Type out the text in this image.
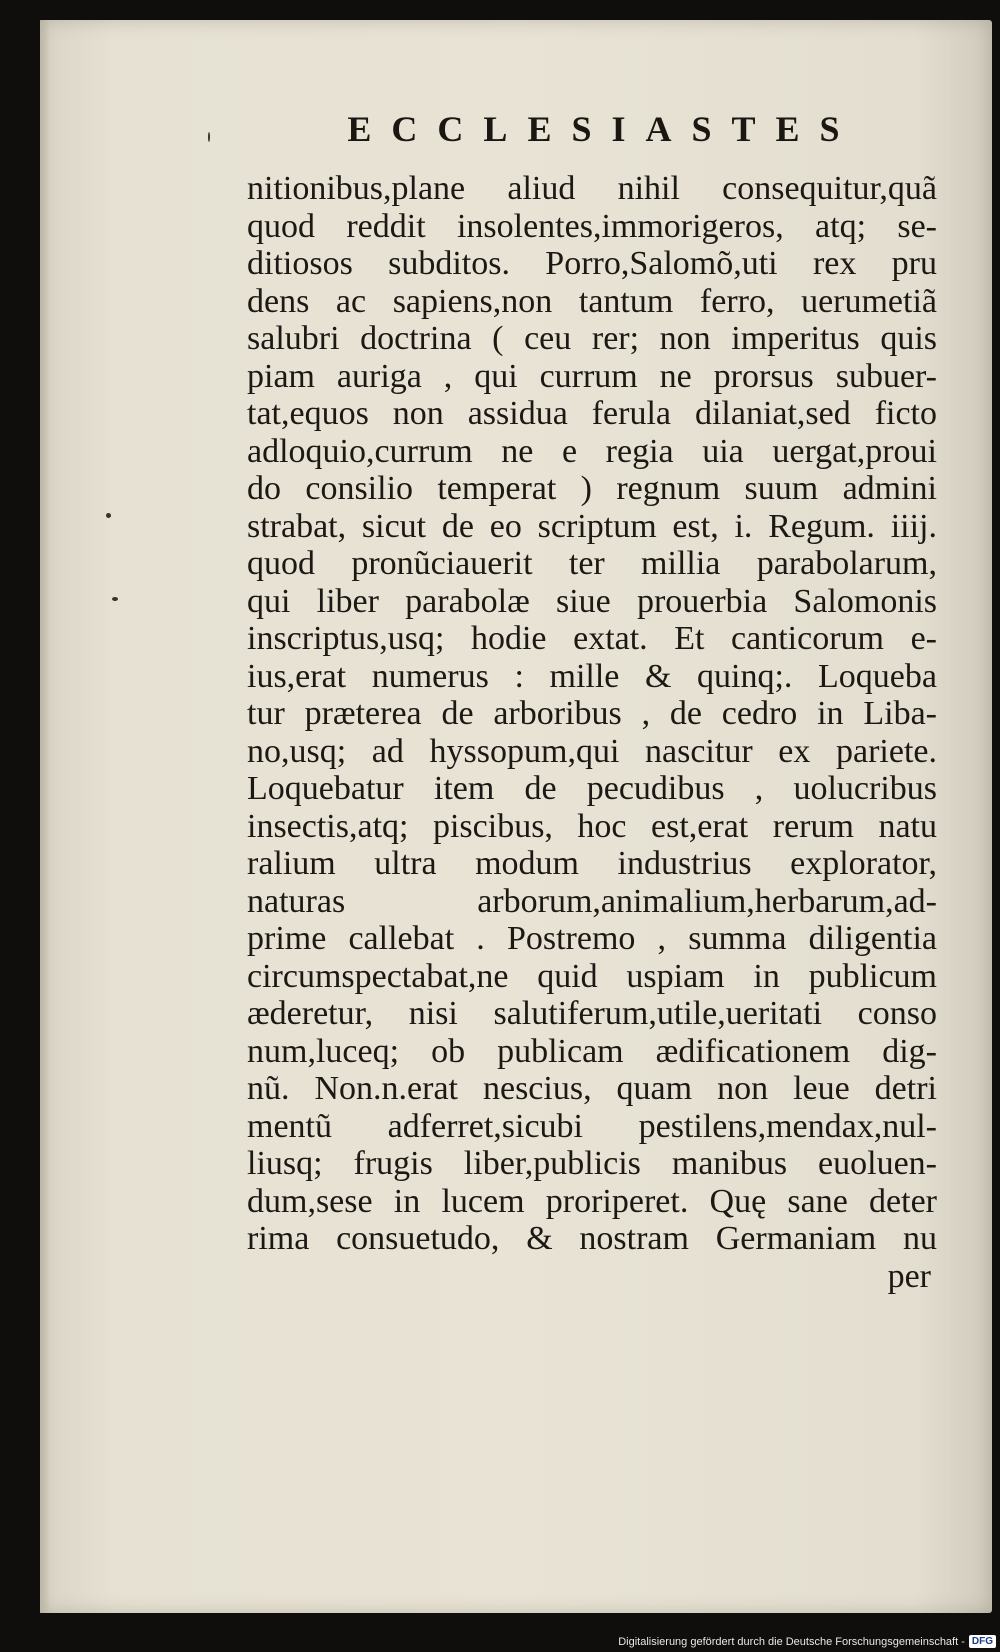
ECCLESIASTES
nitionibus,plane aliud nihil consequitur,quã
quod reddit insolentes,immorigeros, atq; se-
ditiosos subditos. Porro,Salomõ,uti rex pru
dens ac sapiens,non tantum ferro, uerumetiã
salubri doctrina ( ceu rer; non imperitus quis
piam auriga , qui currum ne prorsus subuer-
tat,equos non assidua ferula dilaniat,sed ficto
adloquio,currum ne e regia uia uergat,proui
do consilio temperat ) regnum suum admini
strabat, sicut de eo scriptum est, i. Regum. iiij.
quod pronũciauerit ter millia parabolarum,
qui liber parabolæ siue prouerbia Salomonis
inscriptus,usq; hodie extat. Et canticorum e-
ius,erat numerus : mille & quinq;. Loqueba
tur præterea de arboribus , de cedro in Liba-
no,usq; ad hyssopum,qui nascitur ex pariete.
Loquebatur item de pecudibus , uolucribus
insectis,atq; piscibus, hoc est,erat rerum natu
ralium ultra modum industrius explorator,
naturas arborum,animalium,herbarum,ad-
prime callebat . Postremo , summa diligentia
circumspectabat,ne quid uspiam in publicum
æderetur, nisi salutiferum,utile,ueritati conso
num,luceq; ob publicam ædificationem dig-
nũ. Non.n.erat nescius, quam non leue detri
mentũ adferret,sicubi pestilens,mendax,nul-
liusq; frugis liber,publicis manibus euoluen-
dum,sese in lucem proriperet. Quę sane deter
rima consuetudo, & nostram Germaniam nu
per
Digitalisierung gefördert durch die Deutsche Forschungsgemeinschaft - DFG
